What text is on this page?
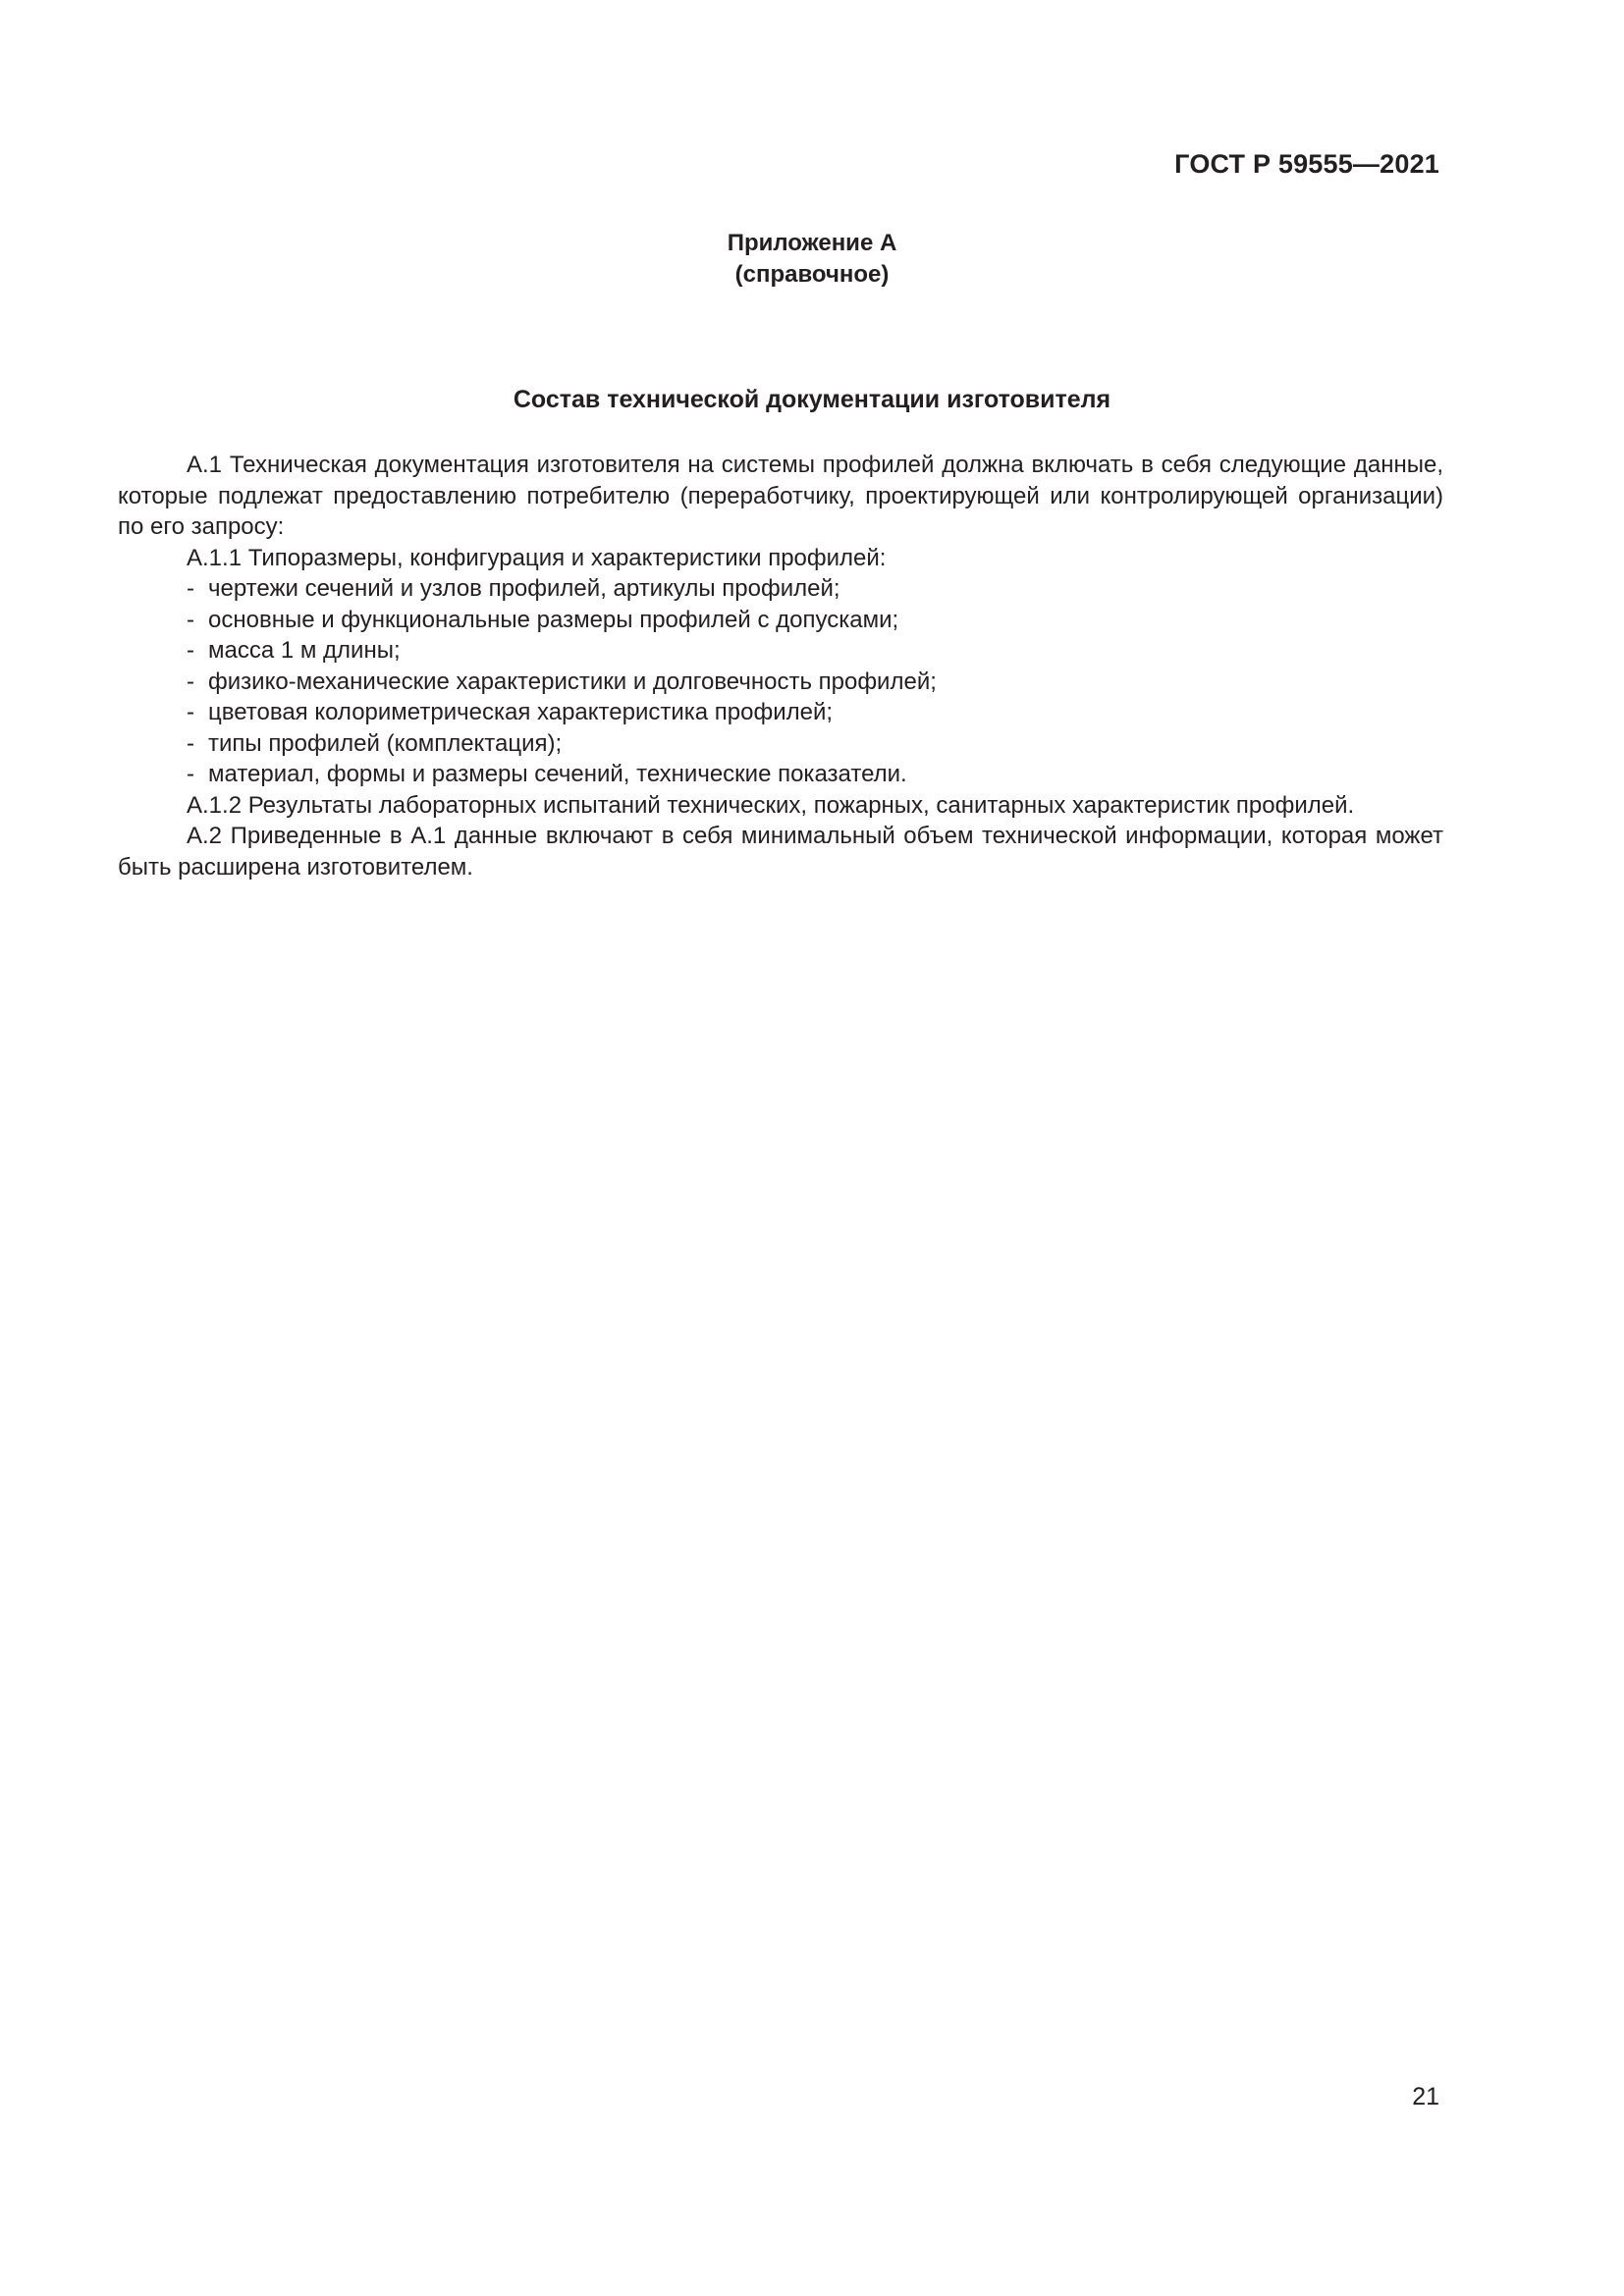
ГОСТ Р 59555—2021
Приложение А
(справочное)
Состав технической документации изготовителя

А.1 Техническая документация изготовителя на системы профилей должна включать в себя следующие данные, которые подлежат предоставлению потребителю (переработчику, проектирующей или контролирующей организации) по его запросу:

А.1.1 Типоразмеры, конфигурация и характеристики профилей:

- чертежи сечений и узлов профилей, артикулы профилей;

- основные и функциональные размеры профилей с допусками;

- масса 1 м длины;

- физико-механические характеристики и долговечность профилей;

- цветовая колориметрическая характеристика профилей;

- типы профилей (комплектация);

- материал, формы и размеры сечений, технические показатели.

А.1.2 Результаты лабораторных испытаний технических, пожарных, санитарных характеристик профилей.

А.2 Приведенные в А.1 данные включают в себя минимальный объем технической информации, которая может быть расширена изготовителем.

21
